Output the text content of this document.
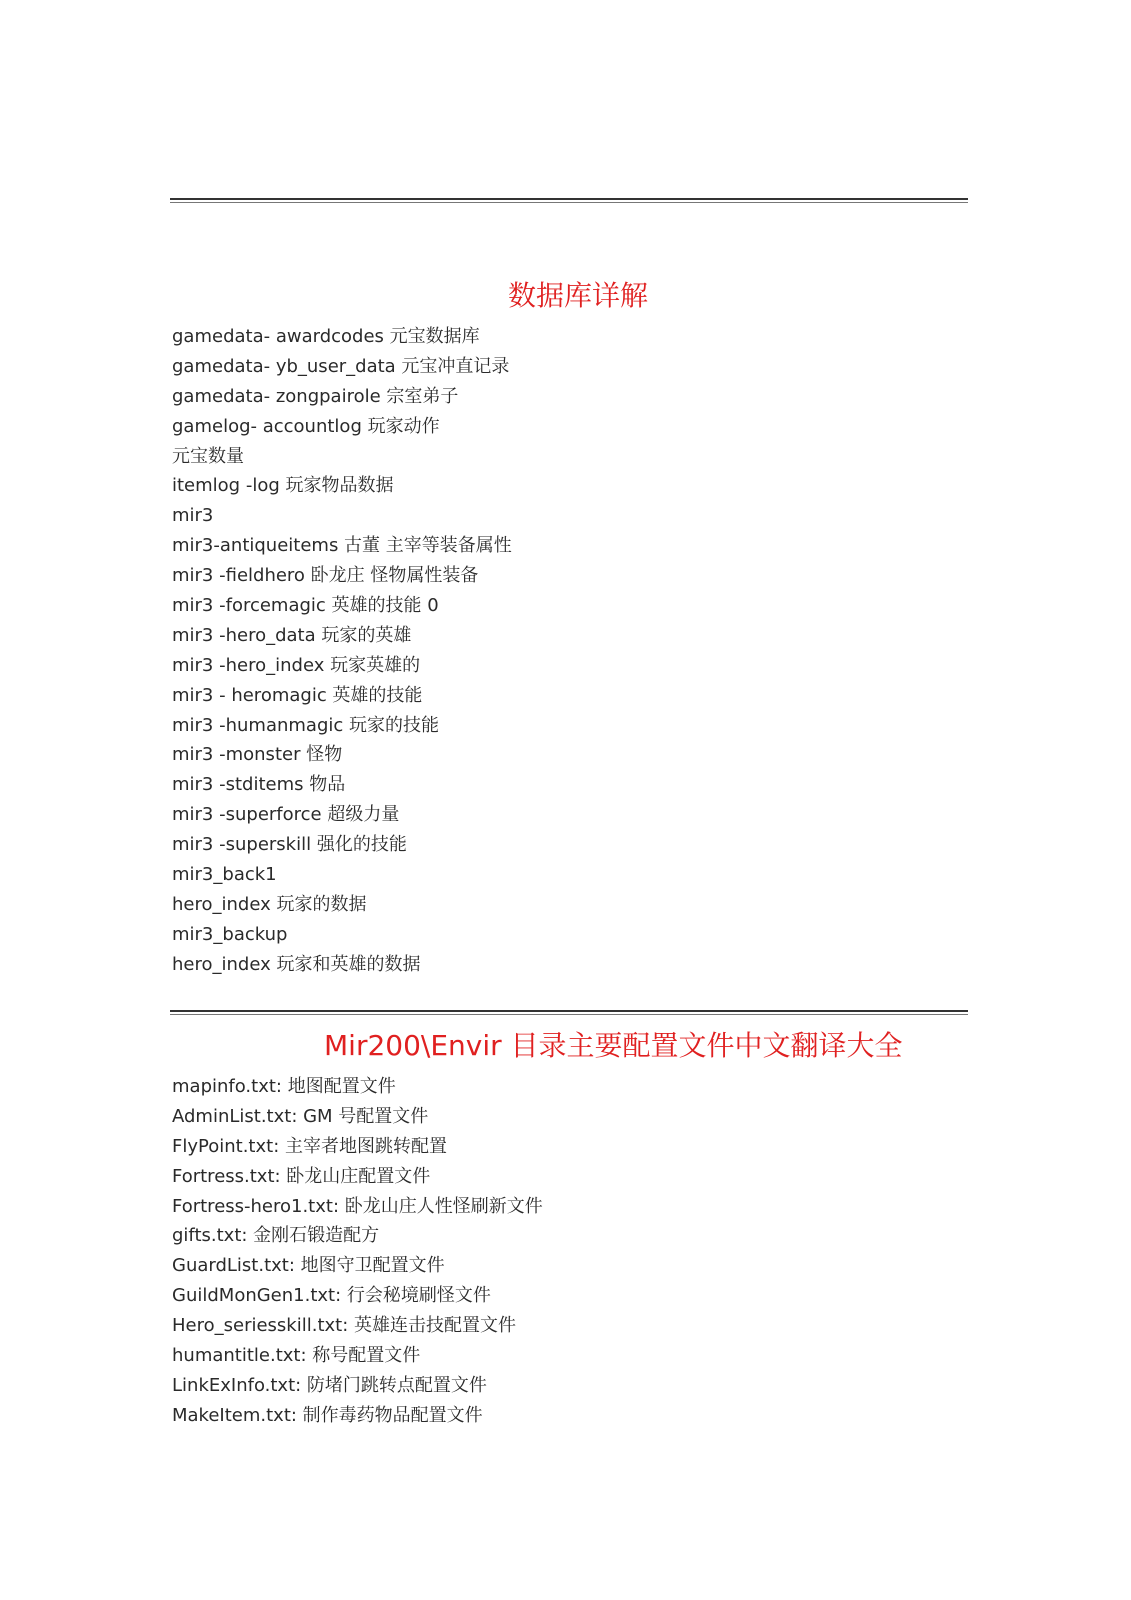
数据库详解
gamedata- awardcodes 元宝数据库
gamedata- yb_user_data 元宝冲直记录
gamedata- zongpairole 宗室弟子
gamelog- accountlog 玩家动作
元宝数量
itemlog -log 玩家物品数据
mir3
mir3-antiqueitems 古董 主宰等装备属性
mir3 -fieldhero 卧龙庄 怪物属性装备
mir3 -forcemagic 英雄的技能 0
mir3 -hero_data 玩家的英雄
mir3 -hero_index 玩家英雄的
mir3 - heromagic 英雄的技能
mir3 -humanmagic 玩家的技能
mir3 -monster 怪物
mir3 -stditems 物品
mir3 -superforce 超级力量
mir3 -superskill 强化的技能
mir3_back1
hero_index 玩家的数据
mir3_backup
hero_index 玩家和英雄的数据
Mir200\Envir 目录主要配置文件中文翻译大全
mapinfo.txt: 地图配置文件
AdminList.txt: GM 号配置文件
FlyPoint.txt: 主宰者地图跳转配置
Fortress.txt: 卧龙山庄配置文件
Fortress-hero1.txt: 卧龙山庄人性怪刷新文件
gifts.txt: 金刚石锻造配方
GuardList.txt: 地图守卫配置文件
GuildMonGen1.txt: 行会秘境刷怪文件
Hero_seriesskill.txt: 英雄连击技配置文件
humantitle.txt: 称号配置文件
LinkExInfo.txt: 防堵门跳转点配置文件
MakeItem.txt: 制作毒药物品配置文件
